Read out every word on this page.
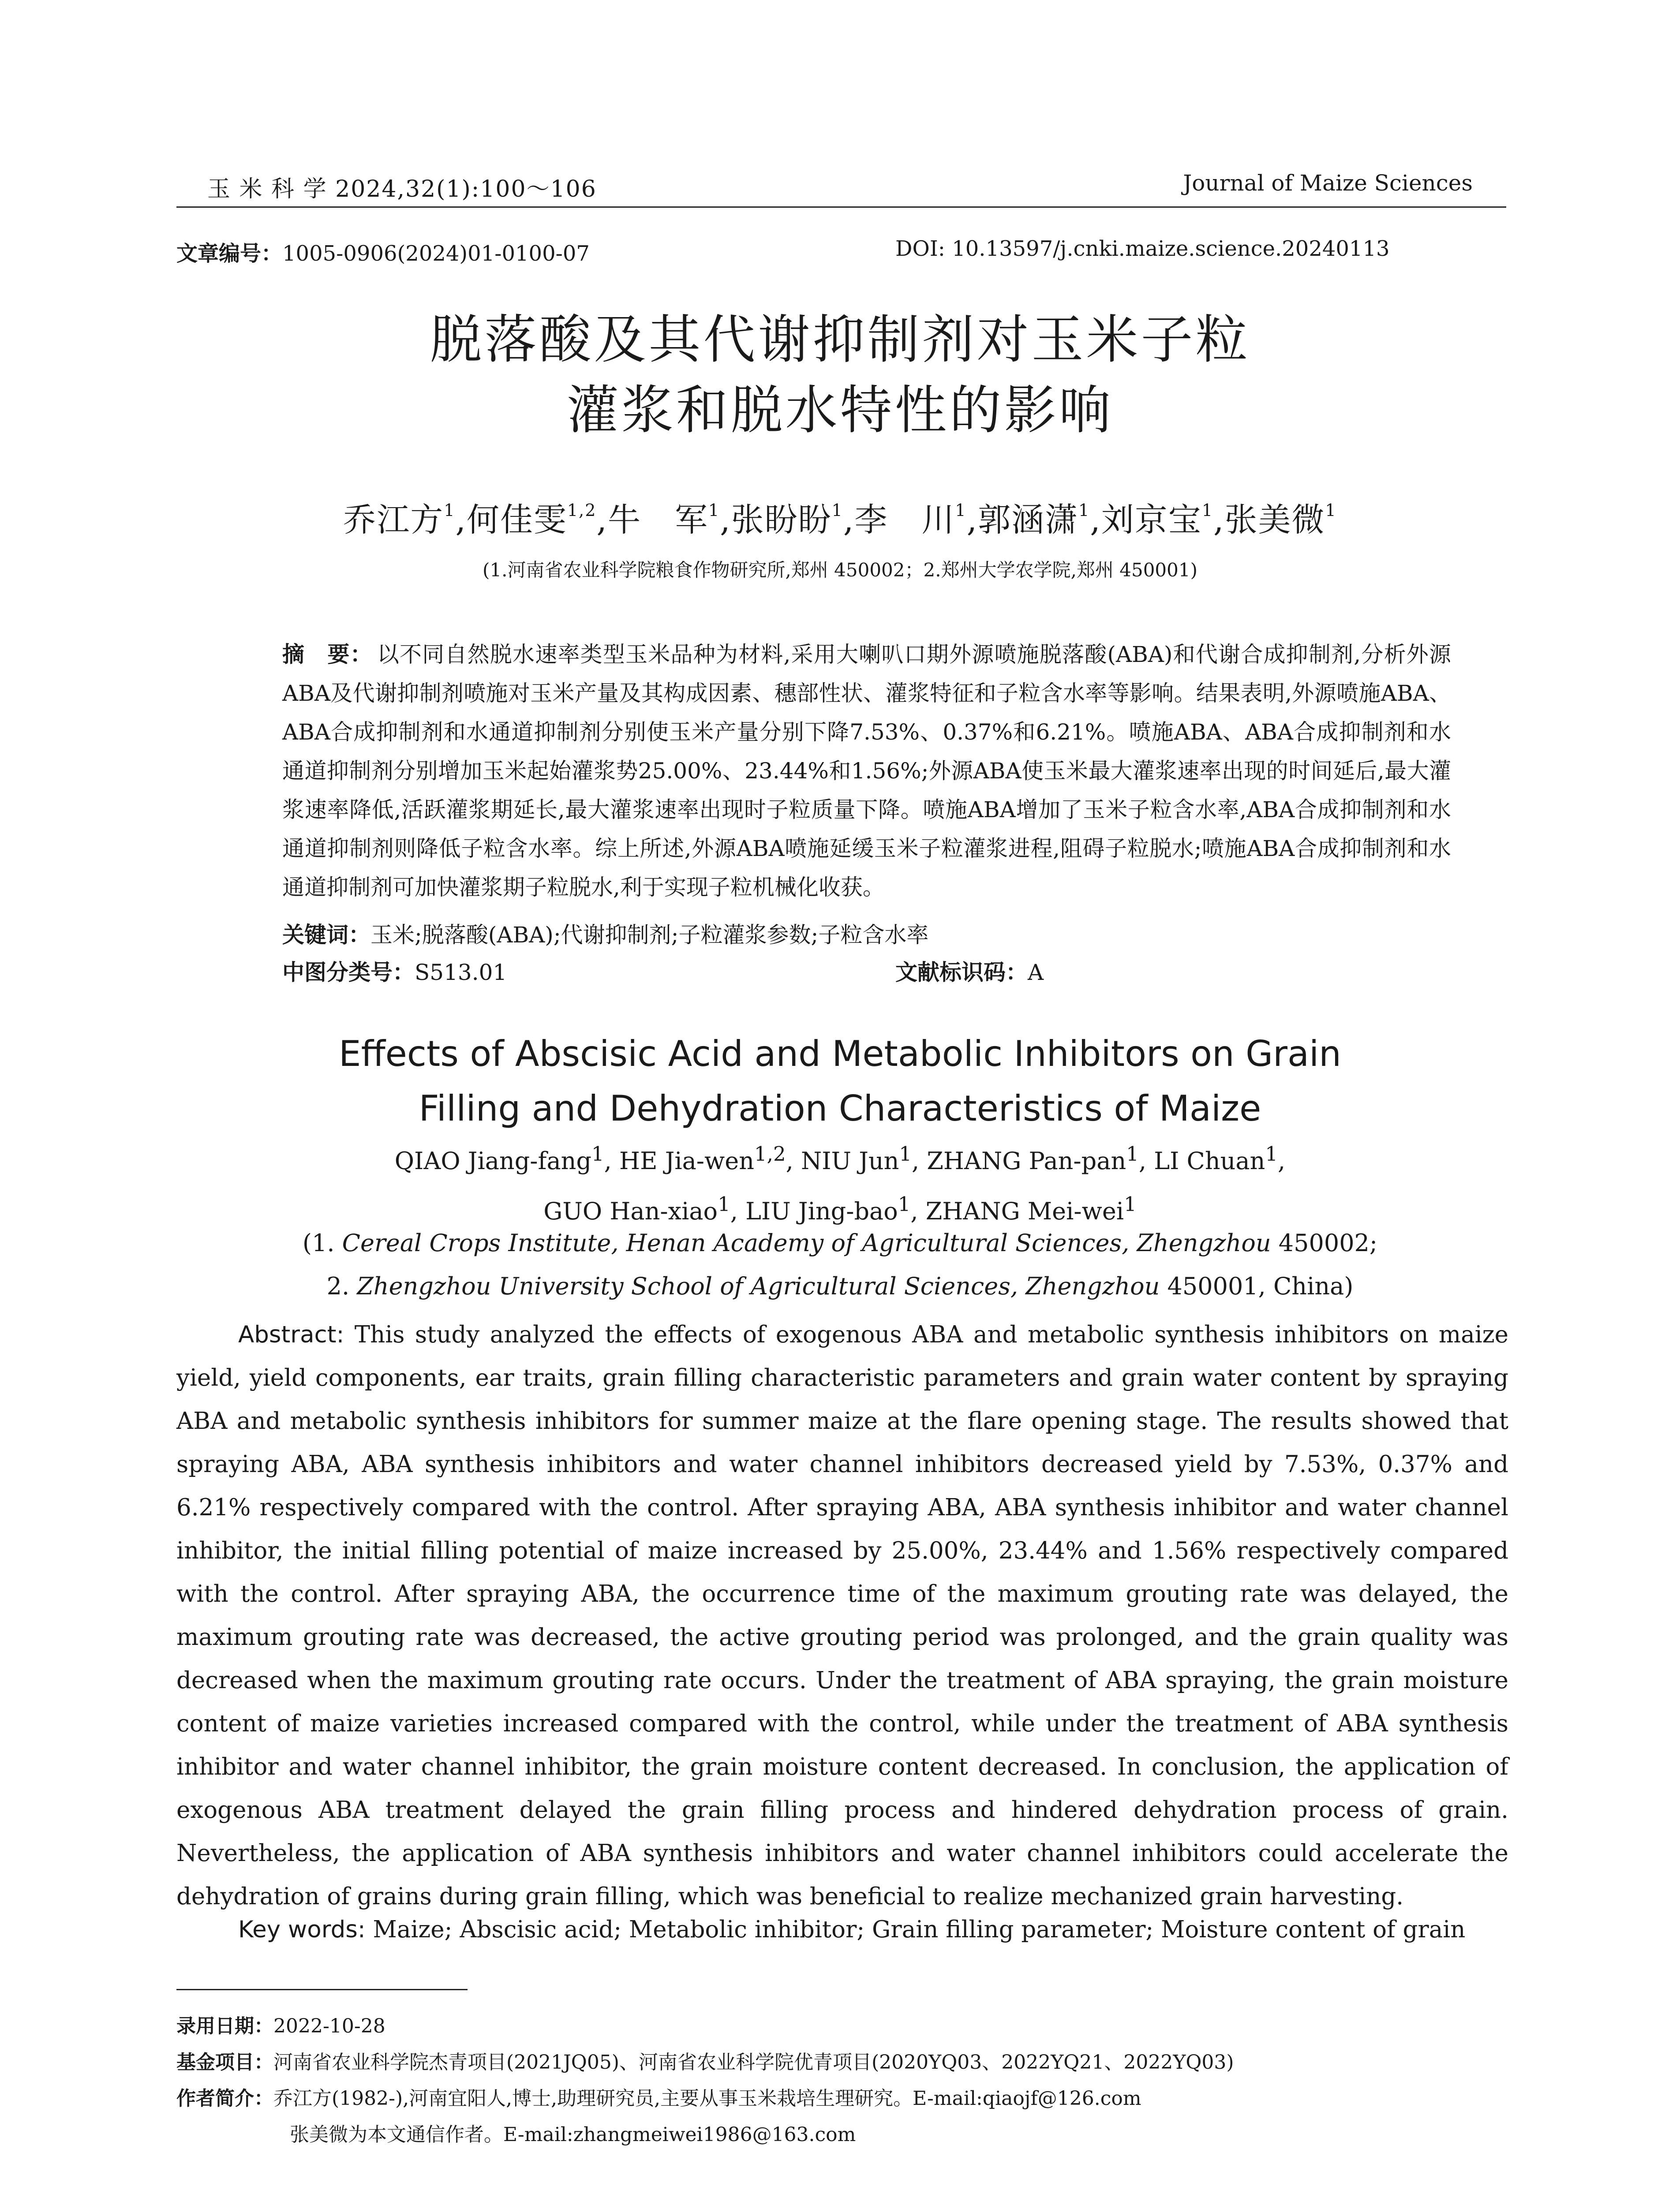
玉 米 科 学 2024,32(1):100～106	Journal of Maize Sciences
文章编号：1005-0906(2024)01-0100-07	DOI: 10.13597/j.cnki.maize.science.20240113
脱落酸及其代谢抑制剂对玉米子粒
灌浆和脱水特性的影响
乔江方$^1$,何佳雯$^{1,2}$,牛　军$^1$,张盼盼$^1$,李　川$^1$,郭涵潇$^1$,刘京宝$^1$,张美微$^1$
(1.河南省农业科学院粮食作物研究所,郑州 450002；2.郑州大学农学院,郑州 450001)
摘　要： 以不同自然脱水速率类型玉米品种为材料,采用大喇叭口期外源喷施脱落酸(ABA)和代谢合成抑制剂,分析外源ABA及代谢抑制剂喷施对玉米产量及其构成因素、穗部性状、灌浆特征和子粒含水率等影响。结果表明,外源喷施ABA、ABA合成抑制剂和水通道抑制剂分别使玉米产量分别下降7.53%、0.37%和6.21%。喷施ABA、ABA合成抑制剂和水通道抑制剂分别增加玉米起始灌浆势25.00%、23.44%和1.56%;外源ABA使玉米最大灌浆速率出现的时间延后,最大灌浆速率降低,活跃灌浆期延长,最大灌浆速率出现时子粒质量下降。喷施ABA增加了玉米子粒含水率,ABA合成抑制剂和水通道抑制剂则降低子粒含水率。综上所述,外源ABA喷施延缓玉米子粒灌浆进程,阻碍子粒脱水;喷施ABA合成抑制剂和水通道抑制剂可加快灌浆期子粒脱水,利于实现子粒机械化收获。
关键词：玉米;脱落酸(ABA);代谢抑制剂;子粒灌浆参数;子粒含水率
中图分类号：S513.01	文献标识码：A
Effects of Abscisic Acid and Metabolic Inhibitors on Grain
Filling and Dehydration Characteristics of Maize
QIAO Jiang-fang$^1$, HE Jia-wen$^{1,2}$, NIU Jun$^1$, ZHANG Pan-pan$^1$, LI Chuan$^1$,
GUO Han-xiao$^1$, LIU Jing-bao$^1$, ZHANG Mei-wei$^1$
(1. Cereal Crops Institute, Henan Academy of Agricultural Sciences, Zhengzhou 450002;
2. Zhengzhou University School of Agricultural Sciences, Zhengzhou 450001, China)
Abstract: This study analyzed the effects of exogenous ABA and metabolic synthesis inhibitors on maize yield, yield components, ear traits, grain filling characteristic parameters and grain water content by spraying ABA and metabolic synthesis inhibitors for summer maize at the flare opening stage. The results showed that spraying ABA, ABA synthesis inhibitors and water channel inhibitors decreased yield by 7.53%, 0.37% and 6.21% respectively compared with the control. After spraying ABA, ABA synthesis inhibitor and water channel inhibitor, the initial filling potential of maize increased by 25.00%, 23.44% and 1.56% respectively compared with the control. After spraying ABA, the occurrence time of the maximum grouting rate was delayed, the maximum grouting rate was decreased, the active grouting period was prolonged, and the grain quality was decreased when the maximum grouting rate occurs. Under the treatment of ABA spraying, the grain moisture content of maize varieties increased compared with the control, while under the treatment of ABA synthesis inhibitor and water channel inhibitor, the grain moisture content decreased. In conclusion, the application of exogenous ABA treatment delayed the grain filling process and hindered dehydration process of grain. Nevertheless, the application of ABA synthesis inhibitors and water channel inhibitors could accelerate the dehydration of grains during grain filling, which was beneficial to realize mechanized grain harvesting.
Key words: Maize; Abscisic acid; Metabolic inhibitor; Grain filling parameter; Moisture content of grain
录用日期：2022-10-28
基金项目：河南省农业科学院杰青项目(2021JQ05)、河南省农业科学院优青项目(2020YQ03、2022YQ21、2022YQ03)
作者简介：乔江方(1982-),河南宜阳人,博士,助理研究员,主要从事玉米栽培生理研究。E-mail:qiaojf@126.com
张美微为本文通信作者。E-mail:zhangmeiwei1986@163.com
